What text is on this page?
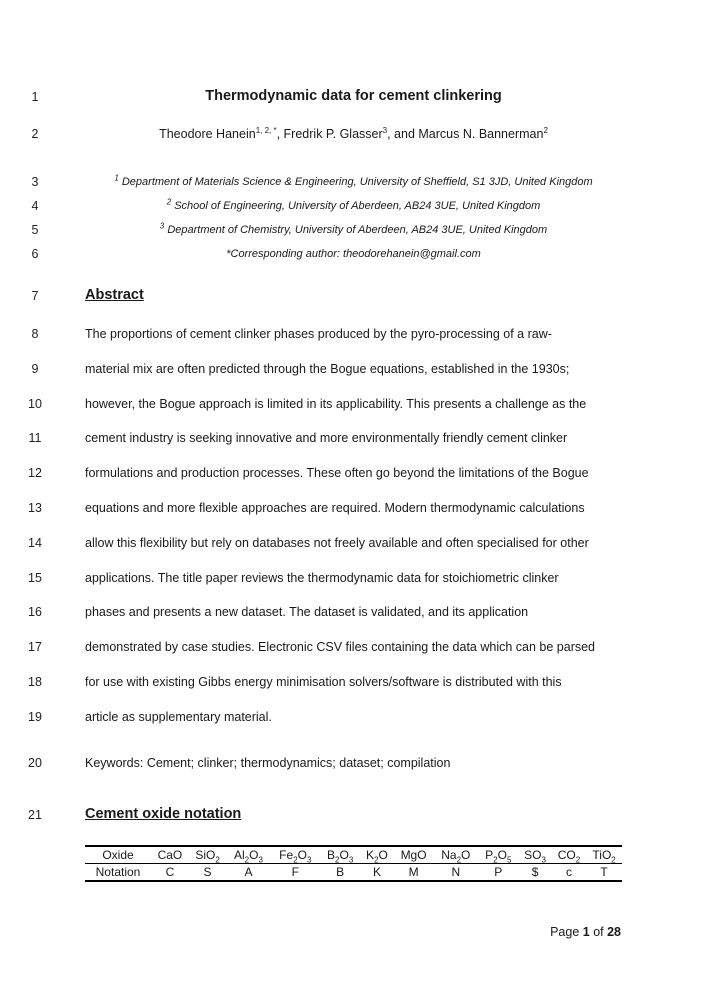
1
2
3
4
5
6
7
8
9
10
11
12
13
14
15
16
17
18
19
20
21
Thermodynamic data for cement clinkering
Theodore Hanein$^{1, 2, *}$, Fredrik P. Glasser$^3$, and Marcus N. Bannerman$^2$
$^1$ Department of Materials Science & Engineering, University of Sheffield, S1 3JD, United Kingdom
$^2$ School of Engineering, University of Aberdeen, AB24 3UE, United Kingdom
$^3$ Department of Chemistry, University of Aberdeen, AB24 3UE, United Kingdom
*Corresponding author: theodorehanein@gmail.com
Abstract
The proportions of cement clinker phases produced by the pyro-processing of a raw-
material mix are often predicted through the Bogue equations, established in the 1930s;
however, the Bogue approach is limited in its applicability. This presents a challenge as the
cement industry is seeking innovative and more environmentally friendly cement clinker
formulations and production processes. These often go beyond the limitations of the Bogue
equations and more flexible approaches are required. Modern thermodynamic calculations
allow this flexibility but rely on databases not freely available and often specialised for other
applications. The title paper reviews the thermodynamic data for stoichiometric clinker
phases and presents a new dataset. The dataset is validated, and its application
demonstrated by case studies. Electronic CSV files containing the data which can be parsed
for use with existing Gibbs energy minimisation solvers/software is distributed with this
article as supplementary material.
Keywords: Cement; clinker; thermodynamics; dataset; compilation
Cement oxide notation
Oxide	CaO	SiO$_2$	$Al_2O_3$	$Fe_2O_3$	$B_2O_3$	$K_2O$	MgO	$Na_2O$	$P_2O_5$	$SO_3$	$CO_2$	TiO$_2$
Notation	C	S	A	F	B	K	M	N	P	$	c	T
Page 1 of 28
